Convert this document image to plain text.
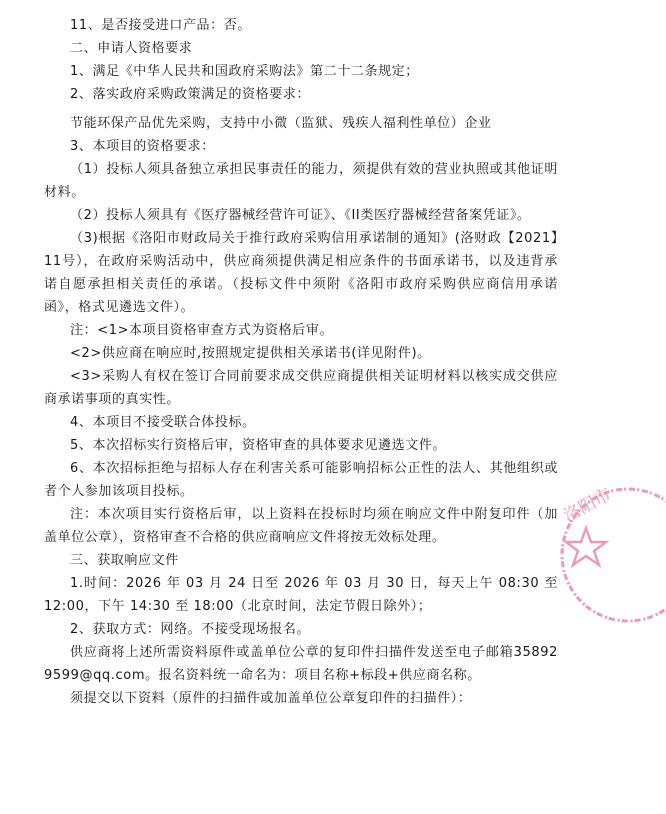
11、是否接受进口产品：否。

二、申请人资格要求

1、满足《中华人民共和国政府采购法》第二十二条规定；

2、落实政府采购政策满足的资格要求：

节能环保产品优先采购，支持中小微（监狱、残疾人福利性单位）企业

3、本项目的资格要求：

（1）投标人须具备独立承担民事责任的能力，须提供有效的营业执照或其他证明材料。

（2）投标人须具有《医疗器械经营许可证》、《II类医疗器械经营备案凭证》。

（3)根据《洛阳市财政局关于推行政府采购信用承诺制的通知》(洛财政【2021】11号），在政府采购活动中，供应商须提供满足相应条件的书面承诺书，以及违背承诺自愿承担相关责任的承诺。（投标文件中须附《洛阳市政府采购供应商信用承诺函》，格式见遴选文件）。

注：<1>本项目资格审查方式为资格后审。

<2>供应商在响应时,按照规定提供相关承诺书(详见附件)。

<3>采购人有权在签订合同前要求成交供应商提供相关证明材料以核实成交供应商承诺事项的真实性。

4、本项目不接受联合体投标。

5、本次招标实行资格后审，资格审查的具体要求见遴选文件。

6、本次招标拒绝与招标人存在利害关系可能影响招标公正性的法人、其他组织或者个人参加该项目投标。

注：本次项目实行资格后审，以上资料在投标时均须在响应文件中附复印件（加盖单位公章），资格审查不合格的供应商响应文件将按无效标处理。

三、获取响应文件

1.时间：2026 年 03 月 24 日至 2026 年 03 月 30 日，每天上午 08:30 至 12:00，下午 14:30 至 18:00（北京时间，法定节假日除外）；

2、获取方式：网络。不接受现场报名。

供应商将上述所需资料原件或盖单位公章的复印件扫描件发送至电子邮箱358929599@qq.com。报名资料统一命名为：项目名称+标段+供应商名称。

须提交以下资料（原件的扫描件或加盖单位公章复印件的扫描件）：

洛阳市
